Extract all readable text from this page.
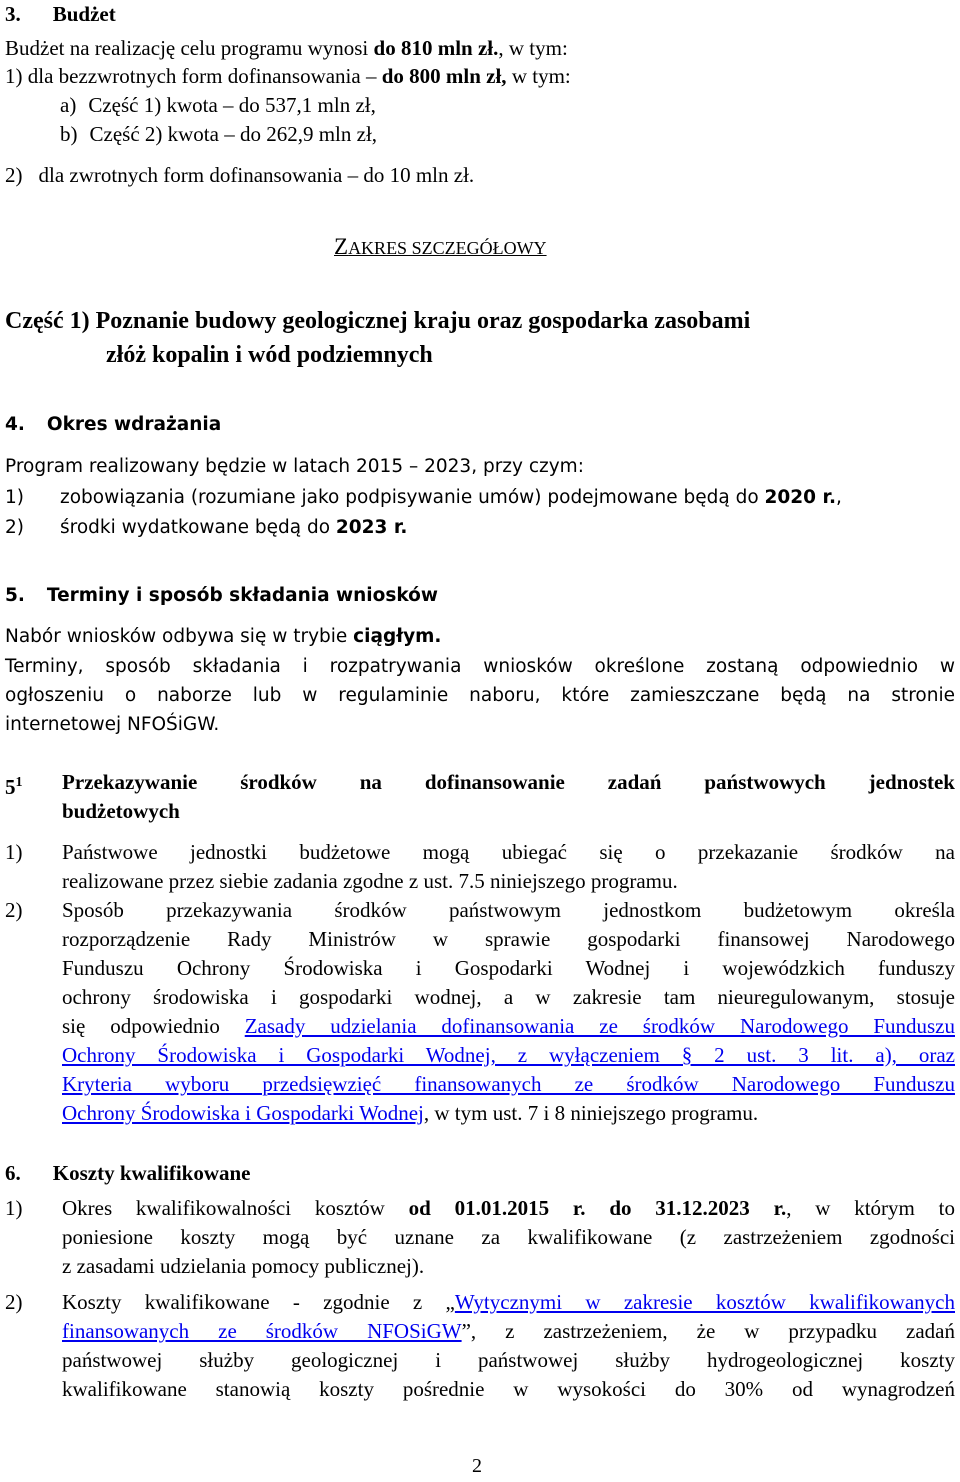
3. Budżet
Budżet na realizację celu programu wynosi do 810 mln zł., w tym:
1) dla bezzwrotnych form dofinansowania – do 800 mln zł, w tym:
a) Część 1) kwota – do 537,1 mln zł,
b) Część 2) kwota – do 262,9 mln zł,
2) dla zwrotnych form dofinansowania – do 10 mln zł.
ZAKRES SZCZEGÓŁOWY
Część 1) Poznanie budowy geologicznej kraju oraz gospodarka zasobami
złóż kopalin i wód podziemnych
4. Okres wdrażania
Program realizowany będzie w latach 2015 – 2023, przy czym:
1) zobowiązania (rozumiane jako podpisywanie umów) podejmowane będą do 2020 r.,
2) środki wydatkowane będą do 2023 r.
5. Terminy i sposób składania wniosków
Nabór wniosków odbywa się w trybie ciągłym.
Terminy, sposób składania i rozpatrywania wniosków określone zostaną odpowiednio w
ogłoszeniu o naborze lub w regulaminie naboru, które zamieszczane będą na stronie
internetowej NFOŚiGW.
$5^1$ Przekazywanie środków na dofinansowanie zadań państwowych jednostek
budżetowych
1) Państwowe jednostki budżetowe mogą ubiegać się o przekazanie środków na
realizowane przez siebie zadania zgodne z ust. 7.5 niniejszego programu.
2) Sposób przekazywania środków państwowym jednostkom budżetowym określa
rozporządzenie Rady Ministrów w sprawie gospodarki finansowej Narodowego
Funduszu Ochrony Środowiska i Gospodarki Wodnej i wojewódzkich funduszy
ochrony środowiska i gospodarki wodnej, a w zakresie tam nieuregulowanym, stosuje
się odpowiednio Zasady udzielania dofinansowania ze środków Narodowego Funduszu
Ochrony Środowiska i Gospodarki Wodnej, z wyłączeniem § 2 ust. 3 lit. a), oraz
Kryteria wyboru przedsięwzięć finansowanych ze środków Narodowego Funduszu
Ochrony Środowiska i Gospodarki Wodnej, w tym ust. 7 i 8 niniejszego programu.
6. Koszty kwalifikowane
1) Okres kwalifikowalności kosztów od 01.01.2015 r. do 31.12.2023 r., w którym to
poniesione koszty mogą być uznane za kwalifikowane (z zastrzeżeniem zgodności
z zasadami udzielania pomocy publicznej).
2) Koszty kwalifikowane - zgodnie z „Wytycznymi w zakresie kosztów kwalifikowanych
finansowanych ze środków NFOSiGW”, z zastrzeżeniem, że w przypadku zadań
państwowej służby geologicznej i państwowej służby hydrogeologicznej koszty
kwalifikowane stanowią koszty pośrednie w wysokości do 30% od wynagrodzeń
2
